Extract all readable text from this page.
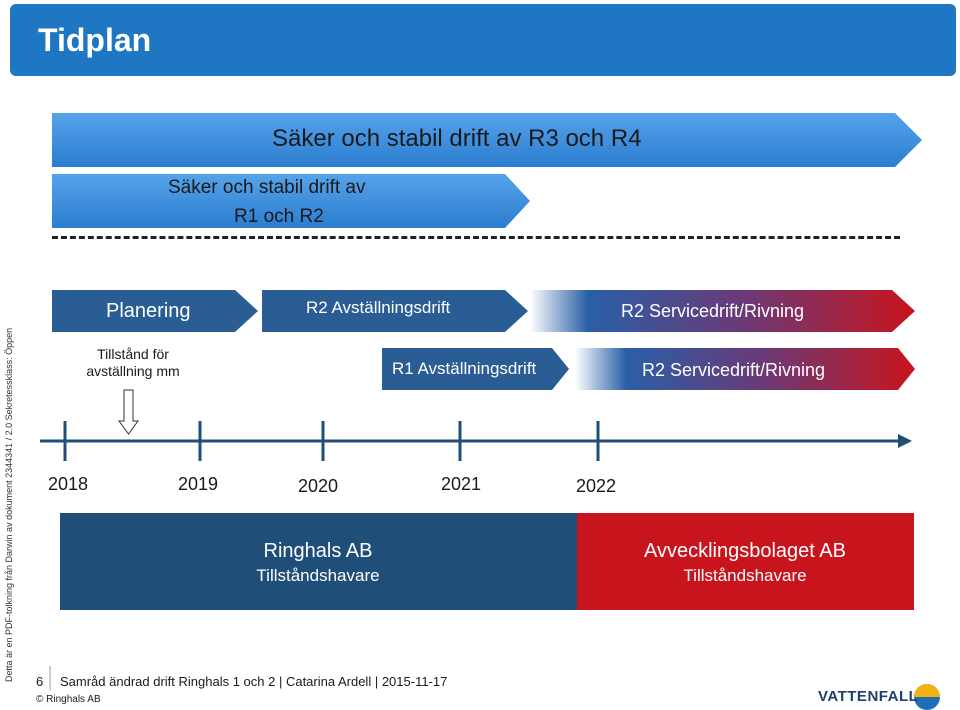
Tidplan
Detta är en PDF-tolkning från Darwin av dokument 2344341 / 2.0 Sekretessklass: Öppen
Säker och stabil drift av R3 och R4
Säker och stabil drift av
R1 och R2
Planering	R2 Avställningsdrift	R2 Servicedrift/Rivning
Tillstånd för avställning mm	R1 Avställningsdrift	R2 Servicedrift/Rivning
2018	2019	2020	2021	2022
Ringhals AB
Tillståndshavare
Avvecklingsbolaget AB
Tillståndshavare
6 Samråd ändrad drift Ringhals 1 och 2 | Catarina Ardell | 2015-11-17
© Ringhals AB	VATTENFALL
